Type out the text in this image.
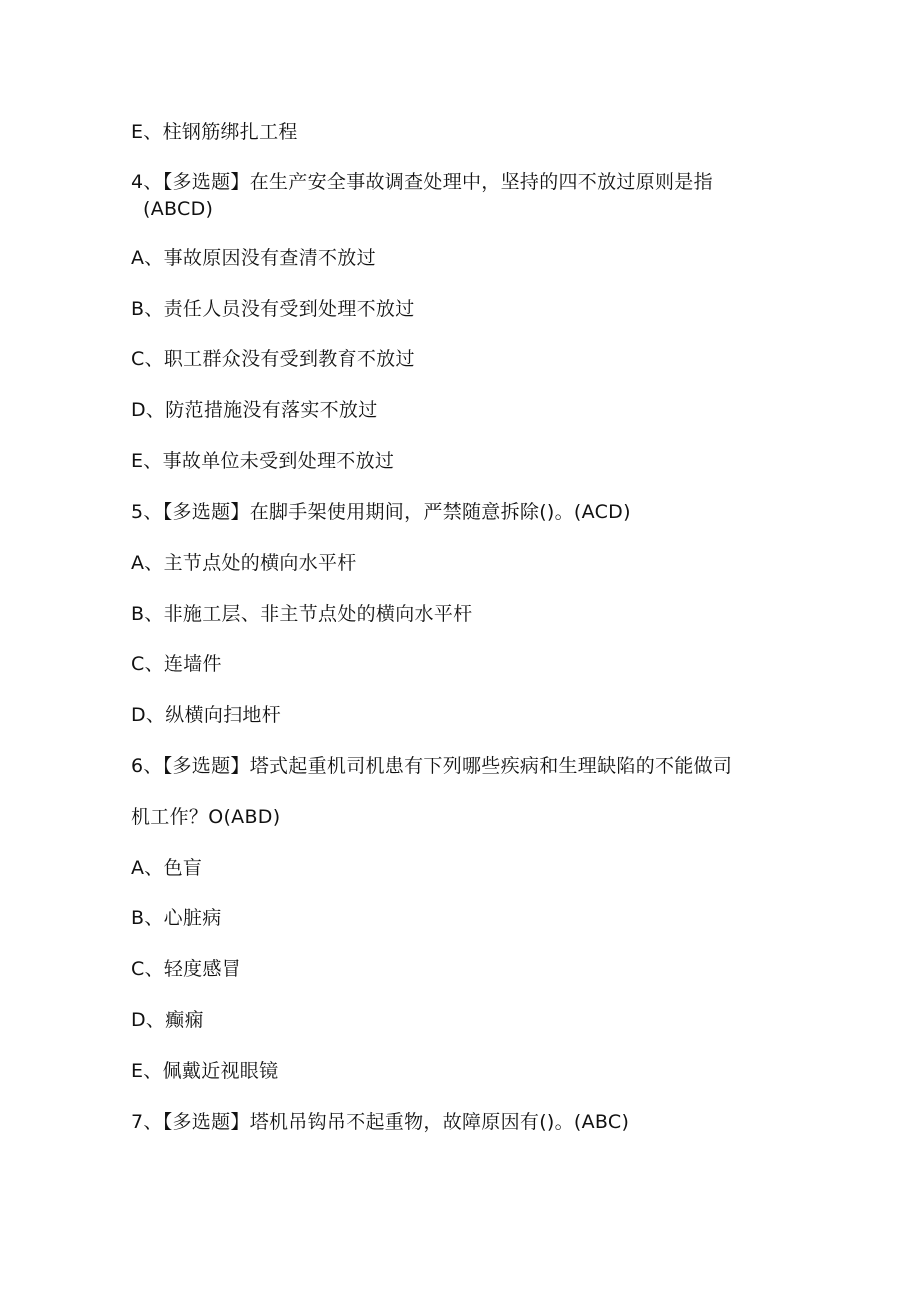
E、柱钢筋绑扎工程
4、【多选题】在生产安全事故调查处理中，坚持的四不放过原则是指
(ABCD)
A、事故原因没有查清不放过
B、责任人员没有受到处理不放过
C、职工群众没有受到教育不放过
D、防范措施没有落实不放过
E、事故单位未受到处理不放过
5、【多选题】在脚手架使用期间，严禁随意拆除()。(ACD)
A、主节点处的横向水平杆
B、非施工层、非主节点处的横向水平杆
C、连墙件
D、纵横向扫地杆
6、【多选题】塔式起重机司机患有下列哪些疾病和生理缺陷的不能做司
机工作？O(ABD)
A、色盲
B、心脏病
C、轻度感冒
D、癫痫
E、佩戴近视眼镜
7、【多选题】塔机吊钩吊不起重物，故障原因有()。(ABC)
